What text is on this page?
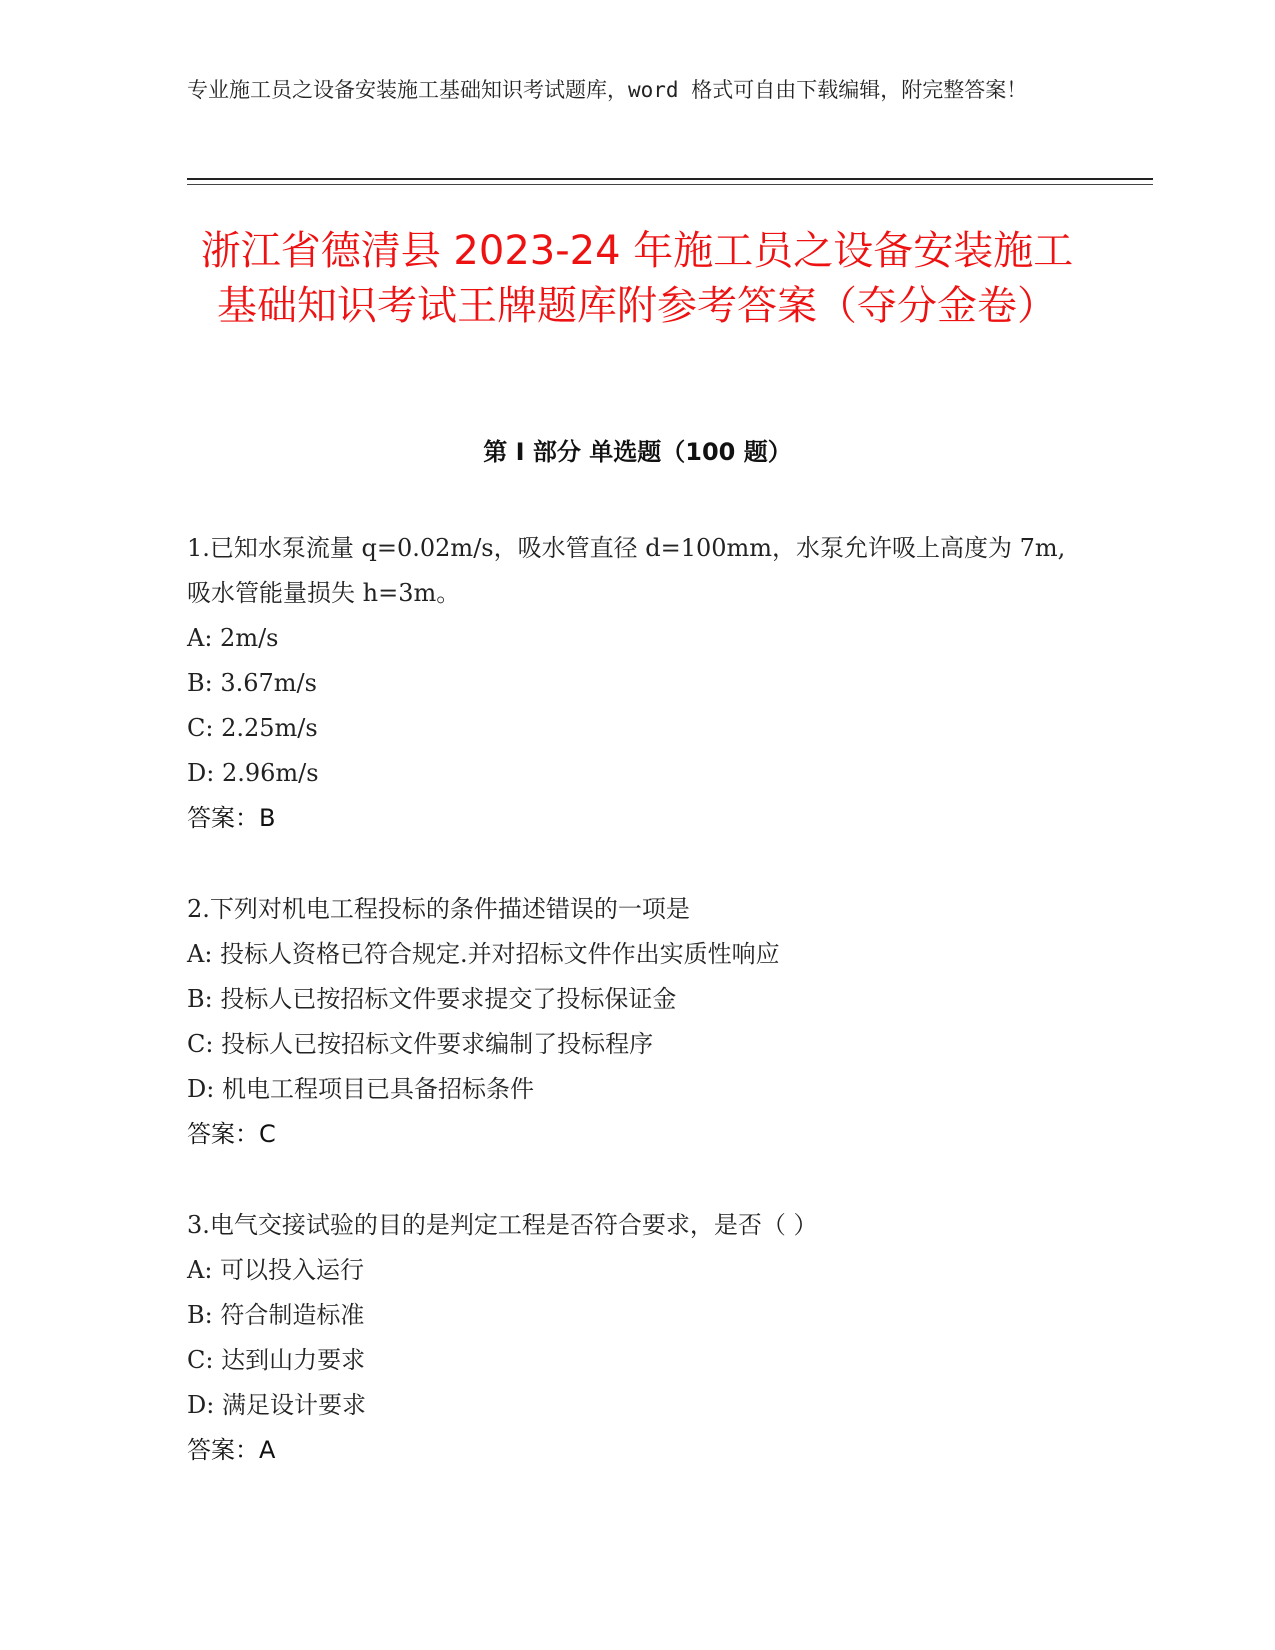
专业施工员之设备安装施工基础知识考试题库，word 格式可自由下载编辑，附完整答案！
浙江省德清县 2023-24 年施工员之设备安装施工基础知识考试王牌题库附参考答案（夺分金卷）
第 I 部分 单选题（100 题）

1.已知水泵流量 q=0.02m/s，吸水管直径 d=100mm，水泵允许吸上高度为 7m,吸水管能量损失 h=3m。

A: 2m/s

B: 3.67m/s

C: 2.25m/s

D: 2.96m/s

答案：B

2.下列对机电工程投标的条件描述错误的一项是

A: 投标人资格已符合规定.并对招标文件作出实质性响应

B: 投标人已按招标文件要求提交了投标保证金

C: 投标人已按招标文件要求编制了投标程序

D: 机电工程项目已具备招标条件

答案：C

3.电气交接试验的目的是判定工程是否符合要求，是否（ ）

A: 可以投入运行

B: 符合制造标准

C: 达到山力要求

D: 满足设计要求

答案：A
